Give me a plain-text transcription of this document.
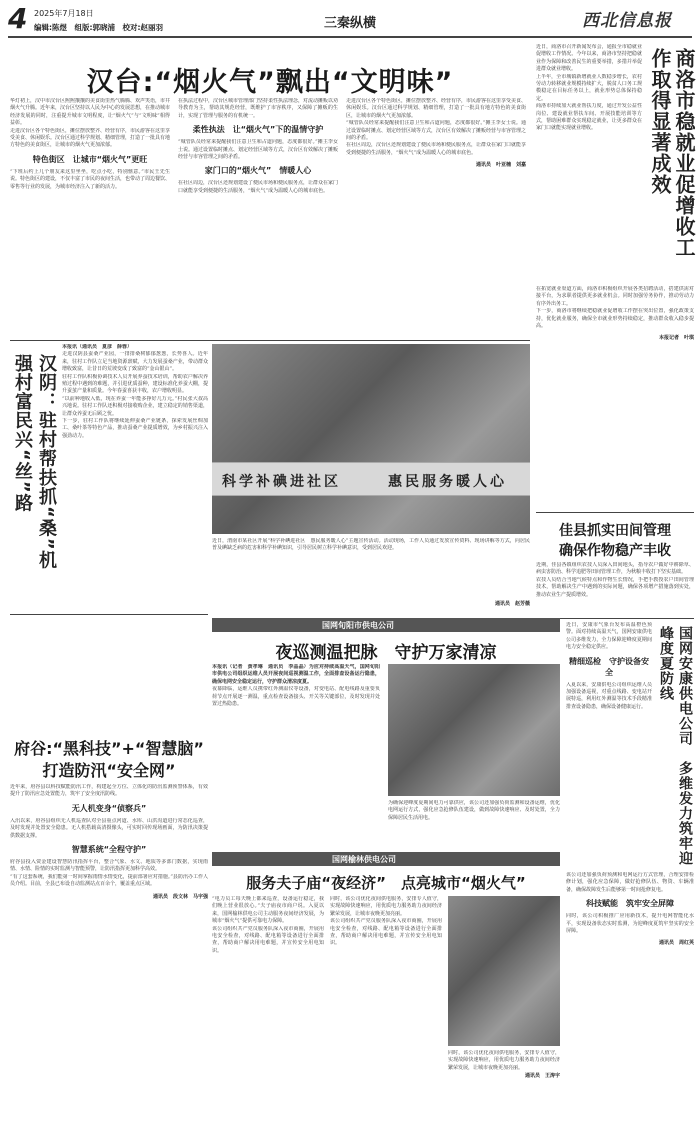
4 2025年7月18日
编辑:陈煜　组版:郭晓浦　校对:赵丽羽	三秦纵横	西北信息报
汉台:“烟火气”飘出“文明味”

华灯初上，汉中市汉台区熙熙攘攘的美食街里热气腾腾、欢声笑语，市井烟火气升腾。近年来，汉台区坚持以人民为中心的发展思想，在推动城市经济发展的同时，注重提升城市文明程度，让“烟火气”与“文明味”相得益彰。

走进汉台区各个特色街区，摊位摆放整齐、经营有序，市民游客在这里享受美食、休闲娱乐。汉台区通过科学规划、精细管理，打造了一批具有地方特色的美食街区，让城市的烟火气更加浓郁。

特色街区　让城市“烟火气”更旺

“下班后约上几个朋友来这里坐坐，吃点小吃，特别惬意。”市民王先生说。特色街区的建设，不仅丰富了市民的夜间生活，也带动了周边餐饮、零售等行业的发展，为城市经济注入了新的活力。

在执法过程中，汉台区城市管理部门坚持柔性执法理念，对流动摊贩以劝导教育为主，帮助其规范经营，既维护了市容秩序，又保障了摊贩的生计，实现了管理与服务的有机统一。

柔性执法　让“烟火气”下的温情守护

“城管队员经常来提醒我们注意卫生和占道问题，态度都很好。”摊主李女士说。通过设置临时摊点、划定经营区域等方式，汉台区有效解决了摊贩经营与市容管理之间的矛盾。

家门口的“烟火气”　情暖人心

在社区周边，汉台区还规划建设了便民市场和便民服务点，让群众在家门口就能享受到便捷的生活服务，“烟火气”成为温暖人心的城市底色。

走进汉台区各个特色街区，摊位摆放整齐、经营有序，市民游客在这里享受美食、休闲娱乐。汉台区通过科学规划、精细管理，打造了一批具有地方特色的美食街区，让城市的烟火气更加浓郁。

“城管队员经常来提醒我们注意卫生和占道问题，态度都很好。”摊主李女士说。通过设置临时摊点、划定经营区域等方式，汉台区有效解决了摊贩经营与市容管理之间的矛盾。

在社区周边，汉台区还规划建设了便民市场和便民服务点，让群众在家门口就能享受到便捷的生活服务，“烟火气”成为温暖人心的城市底色。

通讯员　叶亚楠　刘嘉

汉阴：驻村帮扶抓“桑”机　强村富民兴“丝”路

本报讯（通讯员　夏彦　薛蓉）

走进汉阴县蚕桑产业园，一排排桑树郁郁葱葱，长势喜人。近年来，驻村工作队立足当地资源禀赋，大力发展蚕桑产业，带动群众增收致富，让昔日的荒坡变成了致富的“金山银山”。

驻村工作队积极协调技术人员开展养蚕技术培训，帮助农户解决养殖过程中遇到的难题，并引进优质蚕种，建设标准化养蚕大棚，提升蚕茧产量和质量。今年春蚕喜获丰收，农户增收明显。

“以前种地收入低，现在养蚕一年能多挣好几万元。”村民张大叔高兴地说。驻村工作队还积极对接收购企业，建立稳定的销售渠道，让群众养蚕无后顾之忧。

下一步，驻村工作队将继续延伸蚕桑产业链条，探索发展丝绸加工、桑叶茶等特色产品，推动蚕桑产业提质增效，为乡村振兴注入强劲动力。

科学补碘进社区	惠民服务暖人心
近日，渭南市某社区开展“科学补碘进社区　惠民服务暖人心”主题宣传活动。活动现场，工作人员通过发放宣传资料、现场讲解等方式，向居民普及碘缺乏病的危害和科学补碘知识，引导居民树立科学补碘意识，受到居民欢迎。
通讯员　赵芳薇
府谷:“黑科技”+“智慧脑”
打造防汛“安全网”

近年来，府谷县以科技赋能防汛工作，构建起全方位、立体化的防汛监测预警体系，有效提升了防汛应急处置能力，筑牢了安全度汛防线。

无人机变身“侦察兵”

入汛以来，府谷县组织无人机巡查队对全县重点河道、水库、山洪沟道进行常态化巡查，及时发现并处置安全隐患。无人机搭载高清摄像头，可实时回传现场画面，为防汛决策提供数据支撑。

智慧系统“全程守护”

府谷县投入资金建设智慧防汛指挥平台，整合气象、水文、地质等多部门数据，实现雨情、水情、险情的实时监测与智能预警，让防汛指挥更加科学高效。

“有了这套系统，我们能第一时间掌握雨情水情变化，提前部署应对措施。”县防汛办工作人员介绍。目前，全县已布设自动监测站点百余个，覆盖重点区域。

通讯员　段文林　马宇强

商洛市稳就业促增收工作取得显著成效

近日，商洛市召开新闻发布会，通报全市稳就业促增收工作情况。今年以来，商洛市坚持把稳就业作为保障和改善民生的重要举措，多措并举促进群众就业增收。

上半年，全市城镇新增就业人数稳步增长，农村劳动力转移就业规模持续扩大，脱贫人口务工规模稳定在目标任务以上，就业形势总体保持稳定。

商洛市持续加大就业帮扶力度，通过开发公益性岗位、建设就业帮扶车间、开展技能培训等方式，帮助困难群众实现稳定就业，让更多群众在家门口就能实现就业增收。

在拓宽就业渠道方面，商洛市积极组织开展各类招聘活动，搭建供需对接平台，为求职者提供更多就业机会。同时加强劳务协作，推动劳动力有序外出务工。

下一步，商洛市将继续把稳就业促增收工作摆在突出位置，强化政策支持，优化就业服务，确保全市就业形势持续稳定，推动群众收入稳步提高。

本报记者　叶琪

佳县抓实田间管理
确保作物稳产丰收

近期，佳县各镇组织农技人员深入田间地头，指导农户做好中耕除草、病虫害防治、科学追肥等田间管理工作，为秋粮丰收打下坚实基础。

农技人员结合当地气候特点和作物生长情况，手把手教授农户田间管理技术，帮助解决生产中遇到的实际问题，确保各项增产措施落到实处，推动农业生产提质增效。

国网旬阳市供电公司
夜巡测温把脉　守护万家清凉

本报讯（记者　黄孝琳　通讯员　李晶晶）为应对持续高温天气，国网旬阳市供电公司组织运维人员开展夜间巡视测温工作，全面排查设备运行隐患，确保电网安全稳定运行，守护群众清凉度夏。

夜幕降临，运维人员携带红外测温仪等设备，对变电站、配电线路及重要负荷节点开展逐一测温，重点检查设备接头、开关等关键部位，及时发现并处置过热隐患。

为确保迎峰度夏期间电力可靠供应，该公司还加强负荷监测和设备运维，优化电网运行方式，强化应急抢修队伍建设，做到故障快速响应、及时处置，全力保障居民生活用电。

国网榆林供电公司
服务夫子庙“夜经济”　点亮城市“烟火气”

“电力员工每天晚上都来巡查，设备运行稳定，我们晚上营业很放心。”夫子庙夜市商户说。入夏以来，国网榆林供电公司主动服务夜间经济发展，为城市“烟火气”提供可靠电力保障。

该公司组织共产党员服务队深入夜市商圈，开展用电安全检查，对线路、配电箱等设备进行全面排查，帮助商户解决用电难题，并宣传安全用电知识。

同时，该公司优化夜间供电服务，安排专人值守，实现故障快速响应，用优质电力服务助力夜间经济繁荣发展，让城市夜晚更加亮丽。

该公司组织共产党员服务队深入夜市商圈，开展用电安全检查，对线路、配电箱等设备进行全面排查，帮助商户解决用电难题，并宣传安全用电知识。

同时，该公司优化夜间供电服务，安排专人值守，实现故障快速响应，用优质电力服务助力夜间经济繁荣发展，让城市夜晚更加亮丽。

通讯员　王涛宇

国网安康供电公司　多维发力筑牢迎峰度夏防线

近日，安康市气象台发布高温橙色预警。面对持续高温天气，国网安康供电公司多维发力，全力保障迎峰度夏期间电力安全稳定供应。

精细巡检　守护设备安全

入夏以来，安康供电公司组织运维人员加强设备巡视，对重点线路、变电站开展特巡，利用红外测温等技术手段精准排查设备隐患，确保设备健康运行。

该公司还加强负荷预测和电网运行方式管理，合理安排检修计划，强化应急保障，做好抢修队伍、物资、车辆准备，确保故障发生后能够第一时间抢修复电。

科技赋能　筑牢安全屏障

同时，该公司积极推广应用新技术，提升电网智能化水平，实现设备状态实时监测，为迎峰度夏筑牢坚实的安全屏障。

通讯员　周红英
